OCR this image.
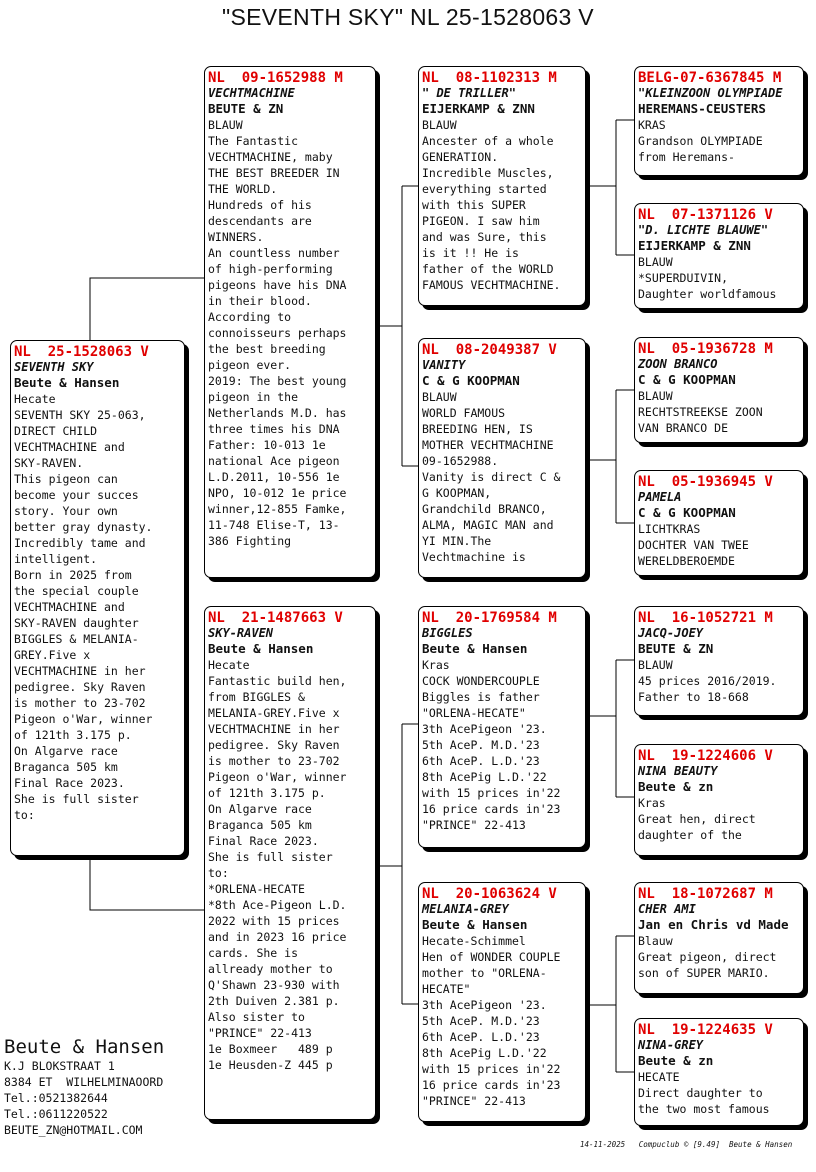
"SEVENTH SKY" NL 25-1528063 V
NL  25-1528063 V
SEVENTH SKY
Beute & Hansen
Hecate
SEVENTH SKY 25-063,
DIRECT CHILD
VECHTMACHINE and
SKY-RAVEN.
This pigeon can
become your succes
story. Your own
better gray dynasty.
Incredibly tame and
intelligent.
Born in 2025 from
the special couple
VECHTMACHINE and
SKY-RAVEN daughter
BIGGLES & MELANIA-
GREY.Five x
VECHTMACHINE in her
pedigree. Sky Raven
is mother to 23-702
Pigeon o'War, winner
of 121th 3.175 p.
On Algarve race
Braganca 505 km
Final Race 2023.
She is full sister
to:
NL  09-1652988 M
VECHTMACHINE
BEUTE & ZN
BLAUW
The Fantastic
VECHTMACHINE, maby
THE BEST BREEDER IN
THE WORLD.
Hundreds of his
descendants are
WINNERS.
An countless number
of high-performing
pigeons have his DNA
in their blood.
According to
connoisseurs perhaps
the best breeding
pigeon ever.
2019: The best young
pigeon in the
Netherlands M.D. has
three times his DNA
Father: 10-013 1e
national Ace pigeon
L.D.2011, 10-556 1e
NPO, 10-012 1e price
winner,12-855 Famke,
11-748 Elise-T, 13-
386 Fighting
NL  21-1487663 V
SKY-RAVEN
Beute & Hansen
Hecate
Fantastic build hen,
from BIGGLES &
MELANIA-GREY.Five x
VECHTMACHINE in her
pedigree. Sky Raven
is mother to 23-702
Pigeon o'War, winner
of 121th 3.175 p.
On Algarve race
Braganca 505 km
Final Race 2023.
She is full sister
to:
*ORLENA-HECATE
*8th Ace-Pigeon L.D.
2022 with 15 prices
and in 2023 16 price
cards. She is
allready mother to
Q'Shawn 23-930 with
2th Duiven 2.381 p.
Also sister to
"PRINCE" 22-413
1e Boxmeer   489 p
1e Heusden-Z 445 p
NL  08-1102313 M
" DE TRILLER"
EIJERKAMP & ZNN
BLAUW
Ancester of a whole
GENERATION.
Incredible Muscles,
everything started
with this SUPER
PIGEON. I saw him
and was Sure, this
is it !! He is
father of the WORLD
FAMOUS VECHTMACHINE.
NL  08-2049387 V
VANITY
C & G KOOPMAN
BLAUW
WORLD FAMOUS
BREEDING HEN, IS
MOTHER VECHTMACHINE
09-1652988.
Vanity is direct C &
G KOOPMAN,
Grandchild BRANCO,
ALMA, MAGIC MAN and
YI MIN.The
Vechtmachine is
NL  20-1769584 M
BIGGLES
Beute & Hansen
Kras
COCK WONDERCOUPLE
Biggles is father
"ORLENA-HECATE"
3th AcePigeon '23.
5th AceP. M.D.'23
6th AceP. L.D.'23
8th AcePig L.D.'22
with 15 prices in'22
16 price cards in'23
"PRINCE" 22-413
NL  20-1063624 V
MELANIA-GREY
Beute & Hansen
Hecate-Schimmel
Hen of WONDER COUPLE
mother to "ORLENA-
HECATE"
3th AcePigeon '23.
5th AceP. M.D.'23
6th AceP. L.D.'23
8th AcePig L.D.'22
with 15 prices in'22
16 price cards in'23
"PRINCE" 22-413
BELG-07-6367845 M
"KLEINZOON OLYMPIADE
HEREMANS-CEUSTERS
KRAS
Grandson OLYMPIADE
from Heremans-
NL  07-1371126 V
"D. LICHTE BLAUWE"
EIJERKAMP & ZNN
BLAUW
*SUPERDUIVIN,
Daughter worldfamous
NL  05-1936728 M
ZOON BRANCO
C & G KOOPMAN
BLAUW
RECHTSTREEKSE ZOON
VAN BRANCO DE
NL  05-1936945 V
PAMELA
C & G KOOPMAN
LICHTKRAS
DOCHTER VAN TWEE
WERELDBEROEMDE
NL  16-1052721 M
JACQ-JOEY
BEUTE & ZN
BLAUW
45 prices 2016/2019.
Father to 18-668
NL  19-1224606 V
NINA BEAUTY
Beute & zn
Kras
Great hen, direct
daughter of the
NL  18-1072687 M
CHER AMI
Jan en Chris vd Made
Blauw
Great pigeon, direct
son of SUPER MARIO.
NL  19-1224635 V
NINA-GREY
Beute & zn
HECATE
Direct daughter to
the two most famous
Beute & Hansen
K.J BLOKSTRAAT 1
8384 ET  WILHELMINAOORD
Tel.:0521382644
Tel.:0611220522
BEUTE_ZN@HOTMAIL.COM
14-11-2025   Compuclub © [9.49]  Beute & Hansen
